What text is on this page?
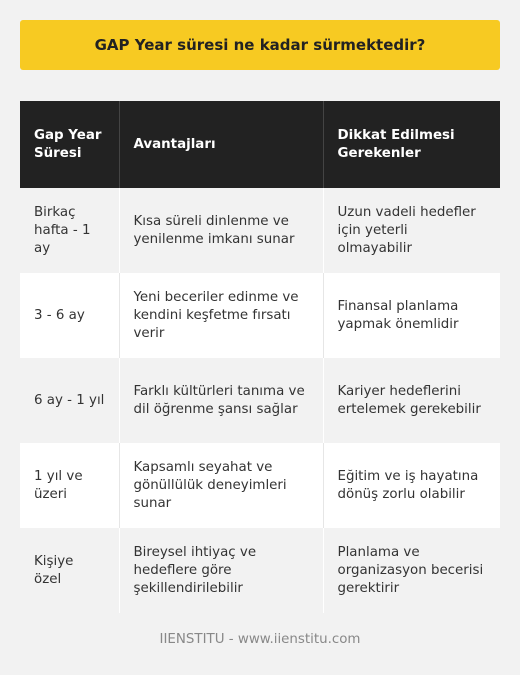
GAP Year süresi ne kadar sürmektedir?
Gap Year Süresi	Avantajları	Dikkat Edilmesi Gerekenler
Birkaç hafta - 1 ay	Kısa süreli dinlenme ve yenilenme imkanı sunar	Uzun vadeli hedefler için yeterli olmayabilir
3 - 6 ay	Yeni beceriler edinme ve kendini keşfetme fırsatı verir	Finansal planlama yapmak önemlidir
6 ay - 1 yıl	Farklı kültürleri tanıma ve dil öğrenme şansı sağlar	Kariyer hedeflerini ertelemek gerekebilir
1 yıl ve üzeri	Kapsamlı seyahat ve gönüllülük deneyimleri sunar	Eğitim ve iş hayatına dönüş zorlu olabilir
Kişiye özel	Bireysel ihtiyaç ve hedeflere göre şekillendirilebilir	Planlama ve organizasyon becerisi gerektirir
IIENSTITU - www.iienstitu.com
